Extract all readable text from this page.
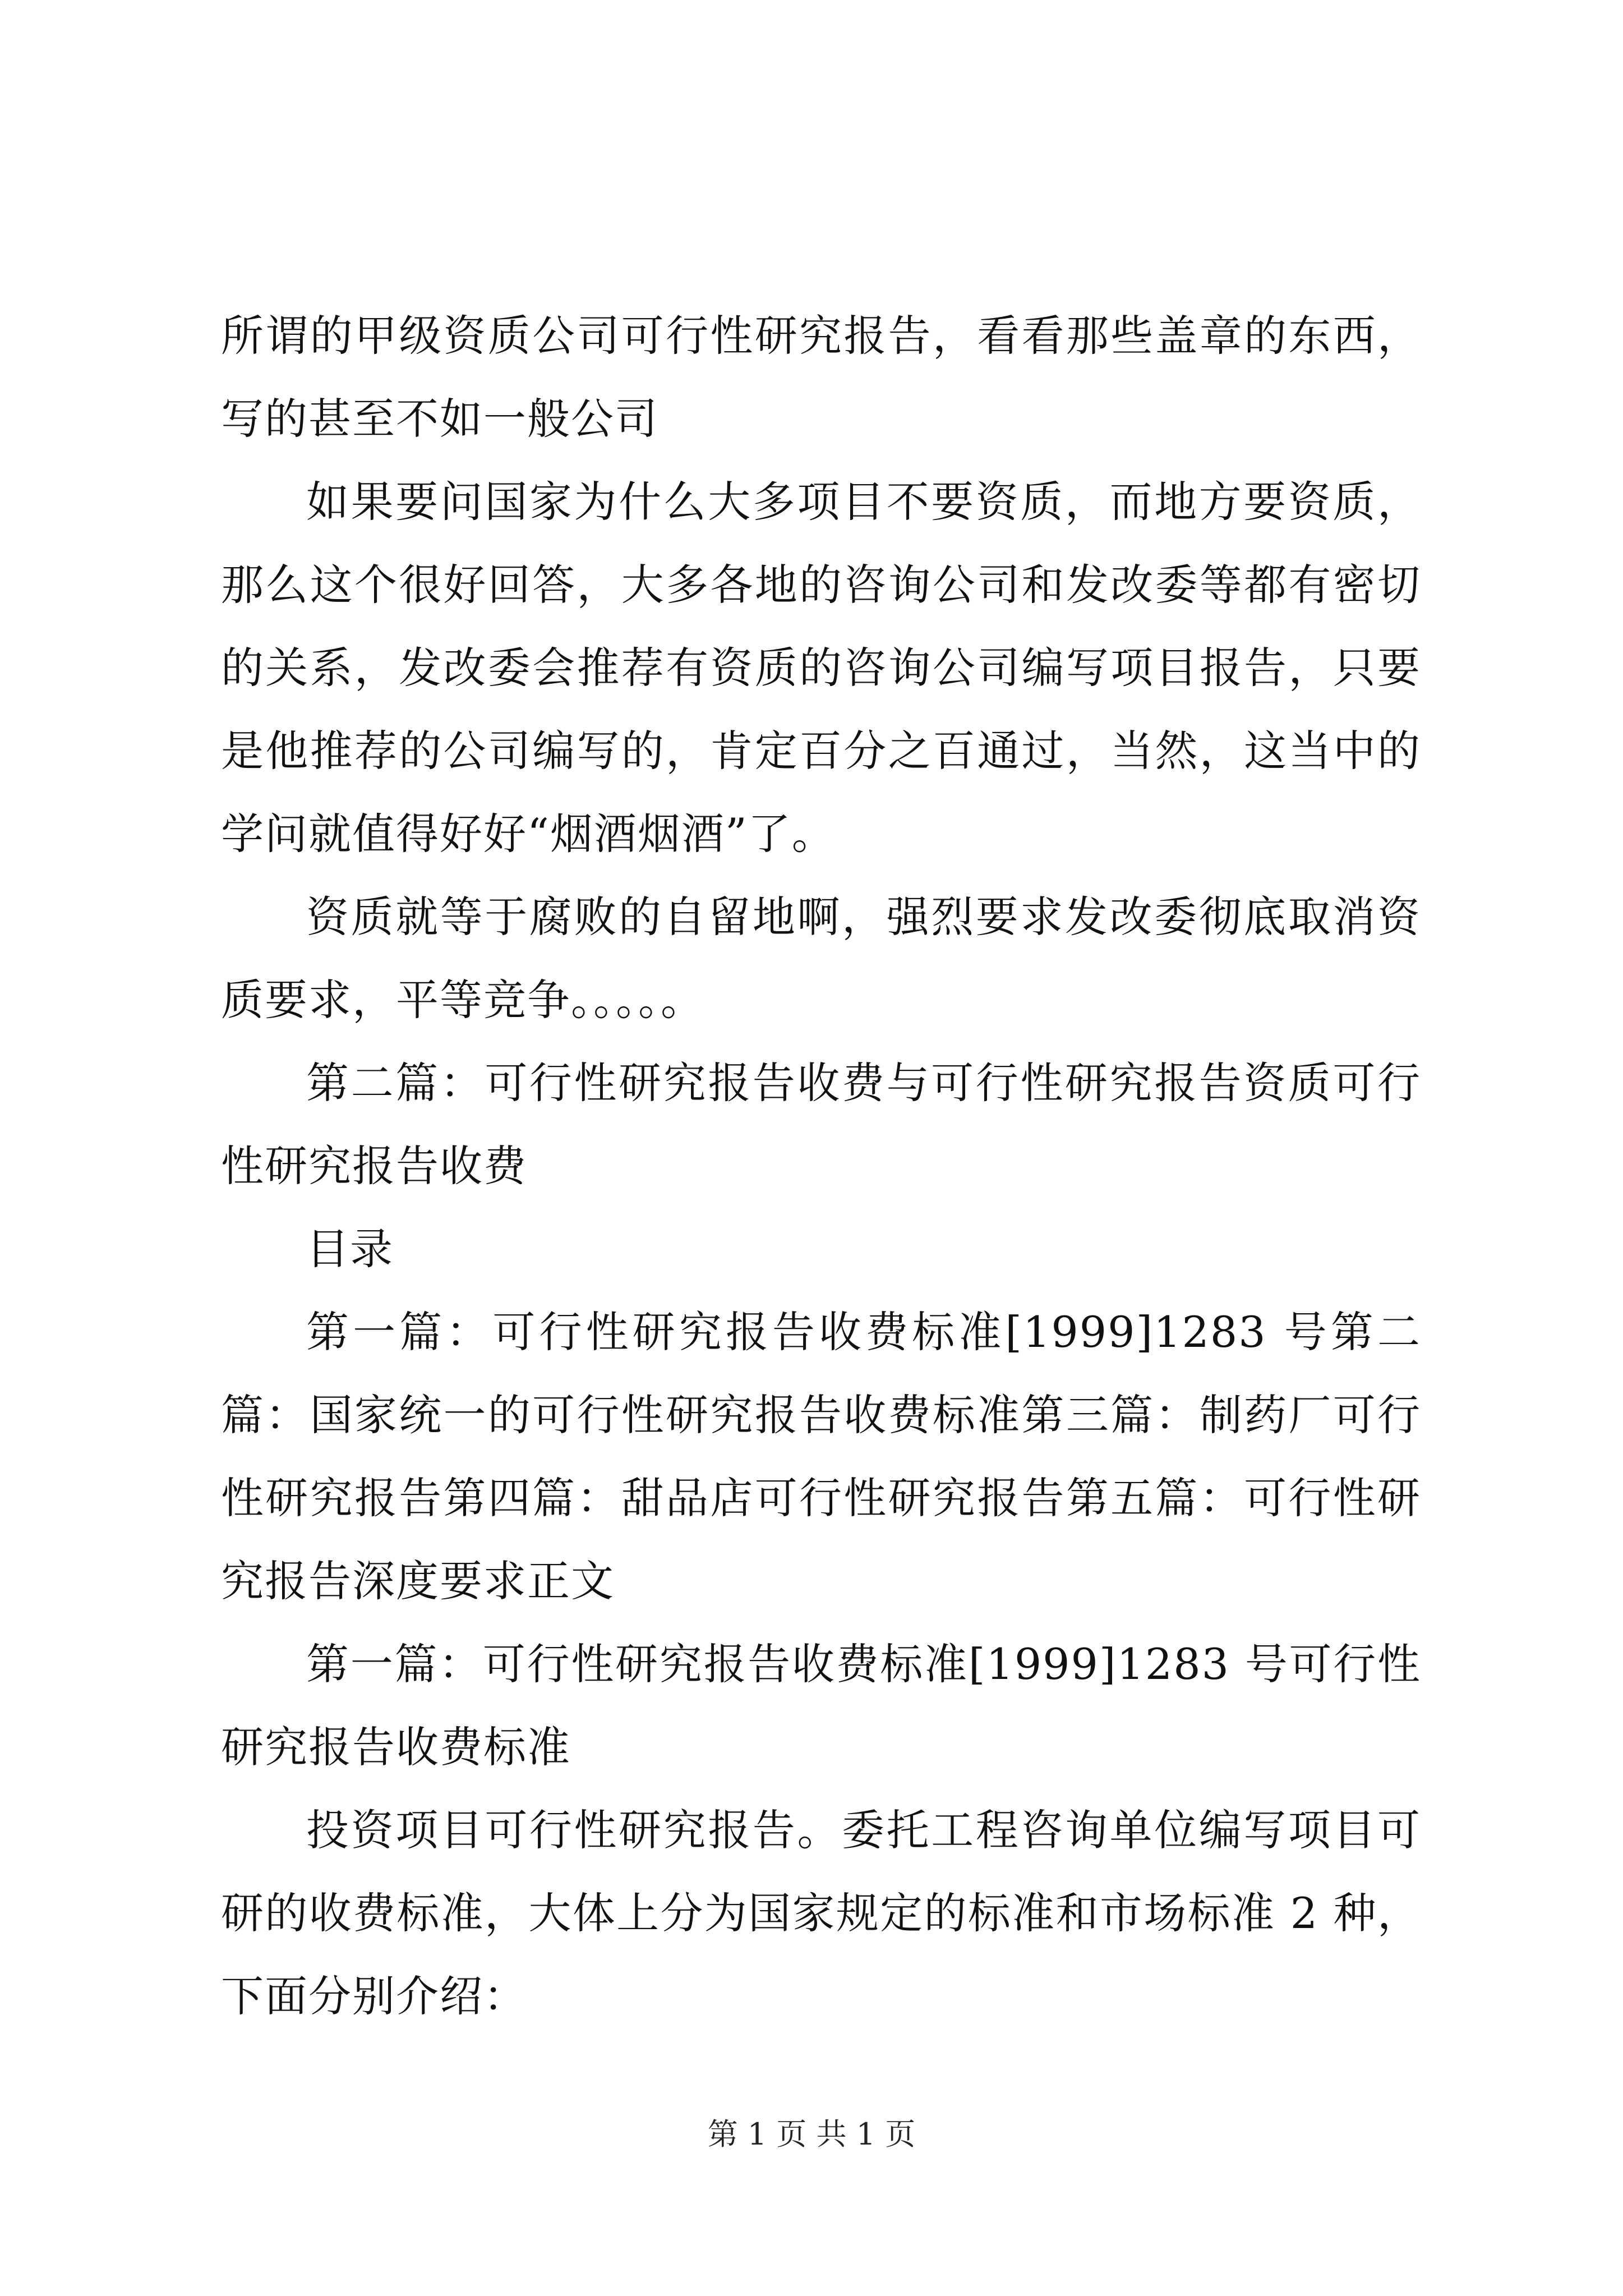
所谓的甲级资质公司可行性研究报告，看看那些盖章的东西，写的甚至不如一般公司

如果要问国家为什么大多项目不要资质，而地方要资质，那么这个很好回答，大多各地的咨询公司和发改委等都有密切的关系，发改委会推荐有资质的咨询公司编写项目报告，只要是他推荐的公司编写的，肯定百分之百通过，当然，这当中的学问就值得好好“烟酒烟酒”了。

资质就等于腐败的自留地啊，强烈要求发改委彻底取消资质要求，平等竞争。。。。。

第二篇：可行性研究报告收费与可行性研究报告资质可行性研究报告收费

目录

第一篇：可行性研究报告收费标准[1999]1283 号第二篇：国家统一的可行性研究报告收费标准第三篇：制药厂可行性研究报告第四篇：甜品店可行性研究报告第五篇：可行性研究报告深度要求正文

第一篇：可行性研究报告收费标准[1999]1283 号可行性研究报告收费标准

投资项目可行性研究报告。委托工程咨询单位编写项目可研的收费标准，大体上分为国家规定的标准和市场标准 2 种，下面分别介绍：

第 1 页 共 1 页
